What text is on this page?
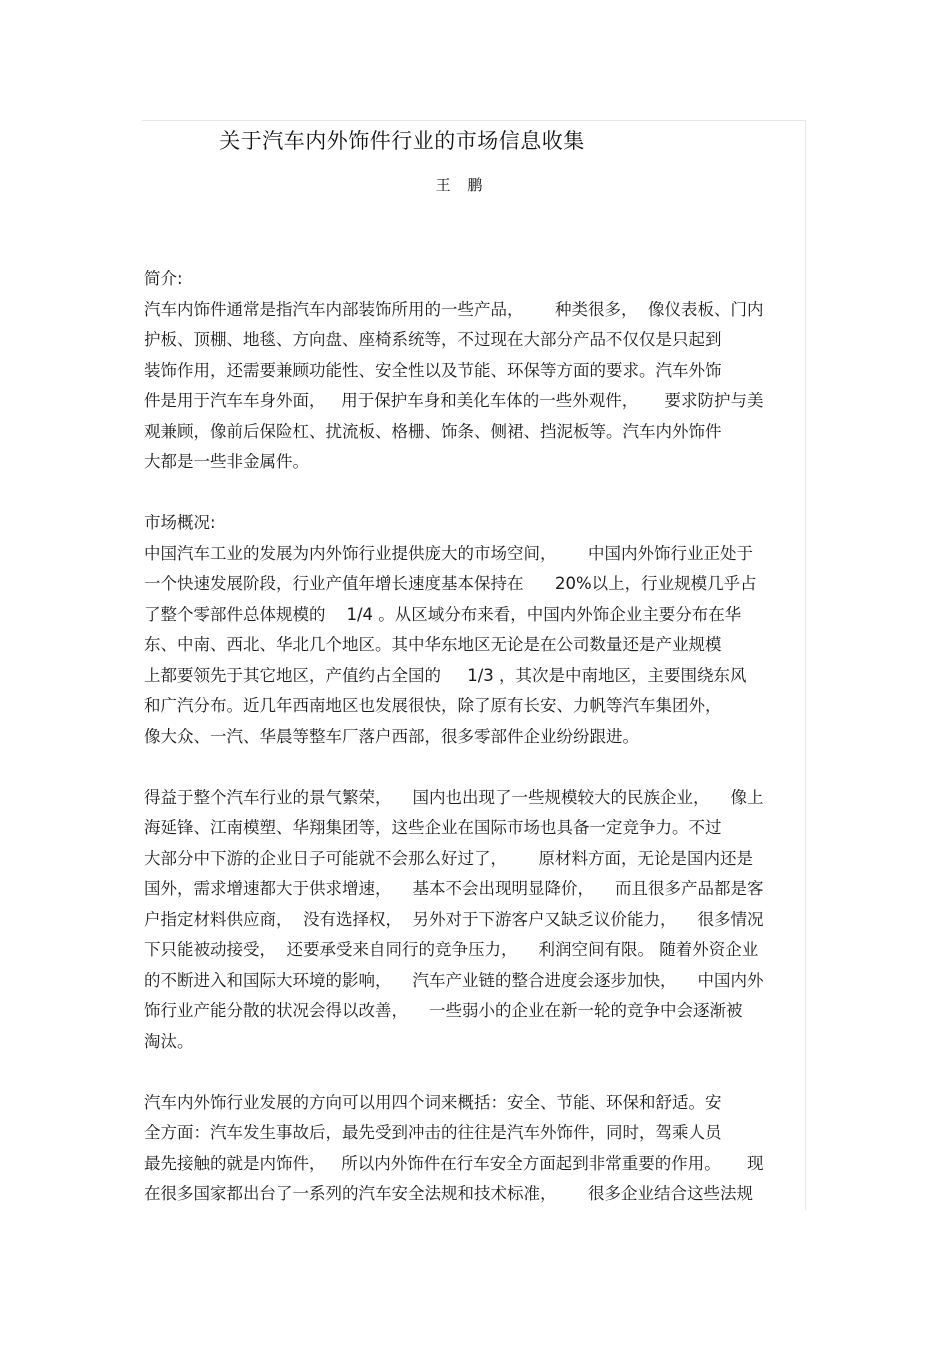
关于汽车内外饰件行业的市场信息收集
王 鹏
简介:
汽车内饰件通常是指汽车内部装饰所用的一些产品，      种类很多，  像仪表板、门内
护板、顶棚、地毯、方向盘、座椅系统等，不过现在大部分产品不仅仅是只起到
装饰作用，还需要兼顾功能性、安全性以及节能、环保等方面的要求。汽车外饰
件是用于汽车车身外面，   用于保护车身和美化车体的一些外观件，     要求防护与美
观兼顾，像前后保险杠、扰流板、格栅、饰条、侧裙、挡泥板等。汽车内外饰件
大都是一些非金属件。
市场概况:
中国汽车工业的发展为内外饰行业提供庞大的市场空间，      中国内外饰行业正处于
一个快速发展阶段，行业产值年增长速度基本保持在      20%以上，行业规模几乎占
了整个零部件总体规模的    1/4 。从区域分布来看，中国内外饰企业主要分布在华
东、中南、西北、华北几个地区。其中华东地区无论是在公司数量还是产业规模
上都要领先于其它地区，产值约占全国的     1/3 ，其次是中南地区，主要围绕东风
和广汽分布。近几年西南地区也发展很快，除了原有长安、力帆等汽车集团外，
像大众、一汽、华晨等整车厂落户西部，很多零部件企业纷纷跟进。
得益于整个汽车行业的景气繁荣，    国内也出现了一些规模较大的民族企业，    像上
海延锋、江南模塑、华翔集团等，这些企业在国际市场也具备一定竞争力。不过
大部分中下游的企业日子可能就不会那么好过了，      原材料方面，无论是国内还是
国外，需求增速都大于供求增速，    基本不会出现明显降价，    而且很多产品都是客
户指定材料供应商，  没有选择权，  另外对于下游客户又缺乏议价能力，    很多情况
下只能被动接受，  还要承受来自同行的竞争压力，    利润空间有限。 随着外资企业
的不断进入和国际大环境的影响，    汽车产业链的整合进度会逐步加快，    中国内外
饰行业产能分散的状况会得以改善，    一些弱小的企业在新一轮的竞争中会逐渐被
淘汰。
汽车内外饰行业发展的方向可以用四个词来概括：安全、节能、环保和舒适。安
全方面：汽车发生事故后，最先受到冲击的往往是汽车外饰件，同时，驾乘人员
最先接触的就是内饰件，   所以内外饰件在行车安全方面起到非常重要的作用。     现
在很多国家都出台了一系列的汽车安全法规和技术标准，      很多企业结合这些法规
